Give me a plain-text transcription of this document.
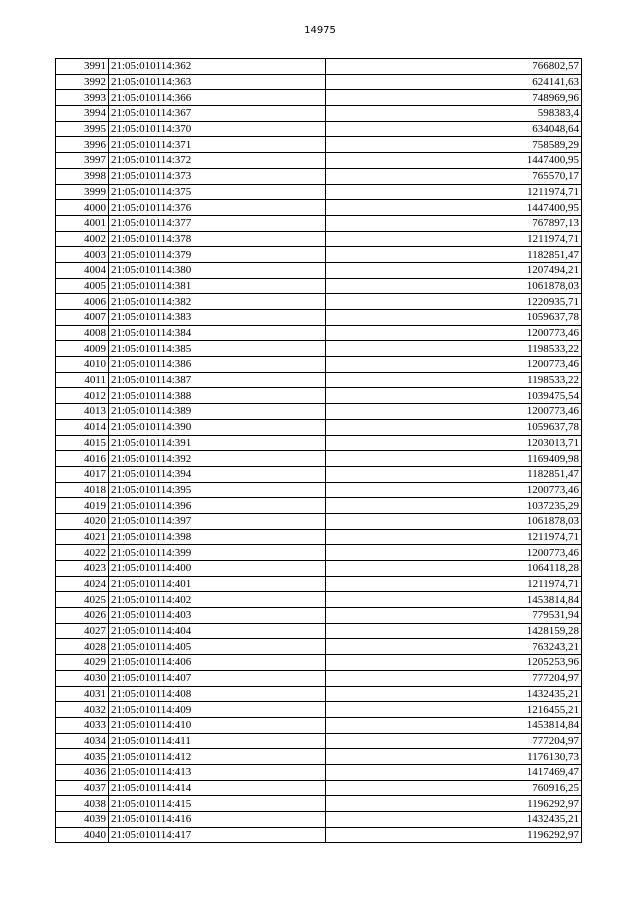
14975
3991	21:05:010114:362	766802,57
3992	21:05:010114:363	624141,63
3993	21:05:010114:366	748969,96
3994	21:05:010114:367	598383,4
3995	21:05:010114:370	634048,64
3996	21:05:010114:371	758589,29
3997	21:05:010114:372	1447400,95
3998	21:05:010114:373	765570,17
3999	21:05:010114:375	1211974,71
4000	21:05:010114:376	1447400,95
4001	21:05:010114:377	767897,13
4002	21:05:010114:378	1211974,71
4003	21:05:010114:379	1182851,47
4004	21:05:010114:380	1207494,21
4005	21:05:010114:381	1061878,03
4006	21:05:010114:382	1220935,71
4007	21:05:010114:383	1059637,78
4008	21:05:010114:384	1200773,46
4009	21:05:010114:385	1198533,22
4010	21:05:010114:386	1200773,46
4011	21:05:010114:387	1198533,22
4012	21:05:010114:388	1039475,54
4013	21:05:010114:389	1200773,46
4014	21:05:010114:390	1059637,78
4015	21:05:010114:391	1203013,71
4016	21:05:010114:392	1169409,98
4017	21:05:010114:394	1182851,47
4018	21:05:010114:395	1200773,46
4019	21:05:010114:396	1037235,29
4020	21:05:010114:397	1061878,03
4021	21:05:010114:398	1211974,71
4022	21:05:010114:399	1200773,46
4023	21:05:010114:400	1064118,28
4024	21:05:010114:401	1211974,71
4025	21:05:010114:402	1453814,84
4026	21:05:010114:403	779531,94
4027	21:05:010114:404	1428159,28
4028	21:05:010114:405	763243,21
4029	21:05:010114:406	1205253,96
4030	21:05:010114:407	777204,97
4031	21:05:010114:408	1432435,21
4032	21:05:010114:409	1216455,21
4033	21:05:010114:410	1453814,84
4034	21:05:010114:411	777204,97
4035	21:05:010114:412	1176130,73
4036	21:05:010114:413	1417469,47
4037	21:05:010114:414	760916,25
4038	21:05:010114:415	1196292,97
4039	21:05:010114:416	1432435,21
4040	21:05:010114:417	1196292,97
